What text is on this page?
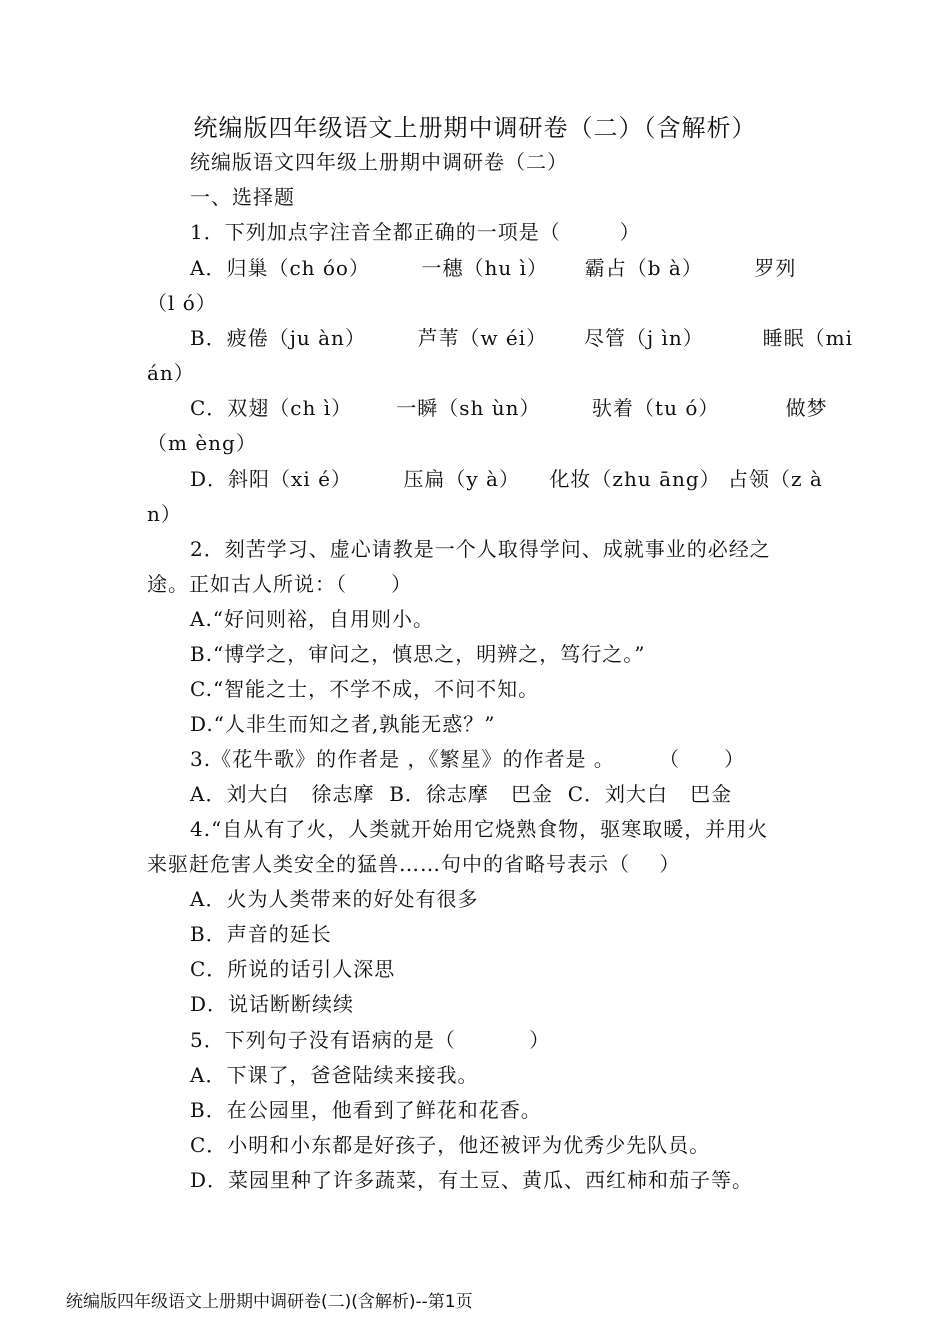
统编版四年级语文上册期中调研卷（二）（含解析）
统编版语文四年级上册期中调研卷（二）
一、选择题
1．下列加点字注音全都正确的一项是（        ）
A．归巢（ch óo）       一穗（hu ì）     霸占（b à）       罗列
（l ó）
B．疲倦（ju àn）       芦苇（w éi）     尽管（j ìn）        睡眠（mi
án）
C．双翅（ch ì）      一瞬（sh ùn）       驮着（tu ó）         做梦
（m èng）
D．斜阳（xi é）       压扁（y à）    化妆（zhu āng） 占领（z à
n）
2．刻苦学习、虚心请教是一个人取得学问、成就事业的必经之
途。正如古人所说：（      ）
A.“好问则裕，自用则小。
B.“博学之，审问之，慎思之，明辨之，笃行之。”
C.“智能之士，不学不成，不问不知。
D.“人非生而知之者,孰能无惑？”
3.《花牛歌》的作者是 ，《繁星》的作者是 。      （      ）
A．刘大白   徐志摩  B．徐志摩   巴金  C．刘大白   巴金
4.“自从有了火，人类就开始用它烧熟食物，驱寒取暖，并用火
来驱赶危害人类安全的猛兽……句中的省略号表示（    ）
A．火为人类带来的好处有很多
B．声音的延长
C．所说的话引人深思
D．说话断断续续
5．下列句子没有语病的是（          ）
A．下课了，爸爸陆续来接我。
B．在公园里，他看到了鲜花和花香。
C．小明和小东都是好孩子，他还被评为优秀少先队员。
D．菜园里种了许多蔬菜，有土豆、黄瓜、西红柿和茄子等。
统编版四年级语文上册期中调研卷(二)(含解析)--第1页
